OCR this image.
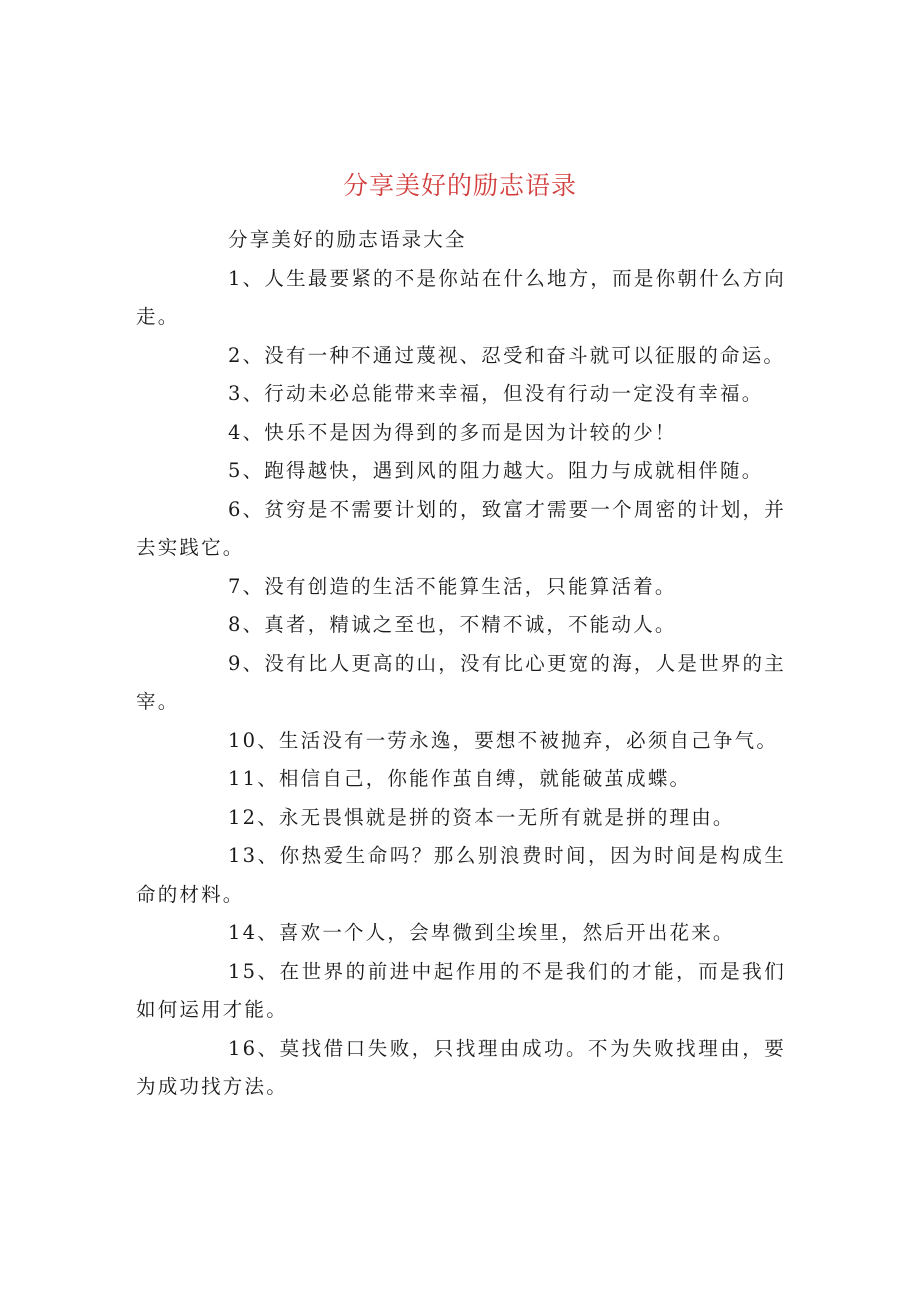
分享美好的励志语录

分享美好的励志语录大全

1、人生最要紧的不是你站在什么地方，而是你朝什么方向走。

2、没有一种不通过蔑视、忍受和奋斗就可以征服的命运。

3、行动未必总能带来幸福，但没有行动一定没有幸福。

4、快乐不是因为得到的多而是因为计较的少！

5、跑得越快，遇到风的阻力越大。阻力与成就相伴随。

6、贫穷是不需要计划的，致富才需要一个周密的计划，并去实践它。

7、没有创造的生活不能算生活，只能算活着。

8、真者，精诚之至也，不精不诚，不能动人。

9、没有比人更高的山，没有比心更宽的海，人是世界的主宰。

10、生活没有一劳永逸，要想不被抛弃，必须自己争气。

11、相信自己，你能作茧自缚，就能破茧成蝶。

12、永无畏惧就是拼的资本一无所有就是拼的理由。

13、你热爱生命吗？那么别浪费时间，因为时间是构成生命的材料。

14、喜欢一个人，会卑微到尘埃里，然后开出花来。

15、在世界的前进中起作用的不是我们的才能，而是我们如何运用才能。

16、莫找借口失败，只找理由成功。不为失败找理由，要为成功找方法。
